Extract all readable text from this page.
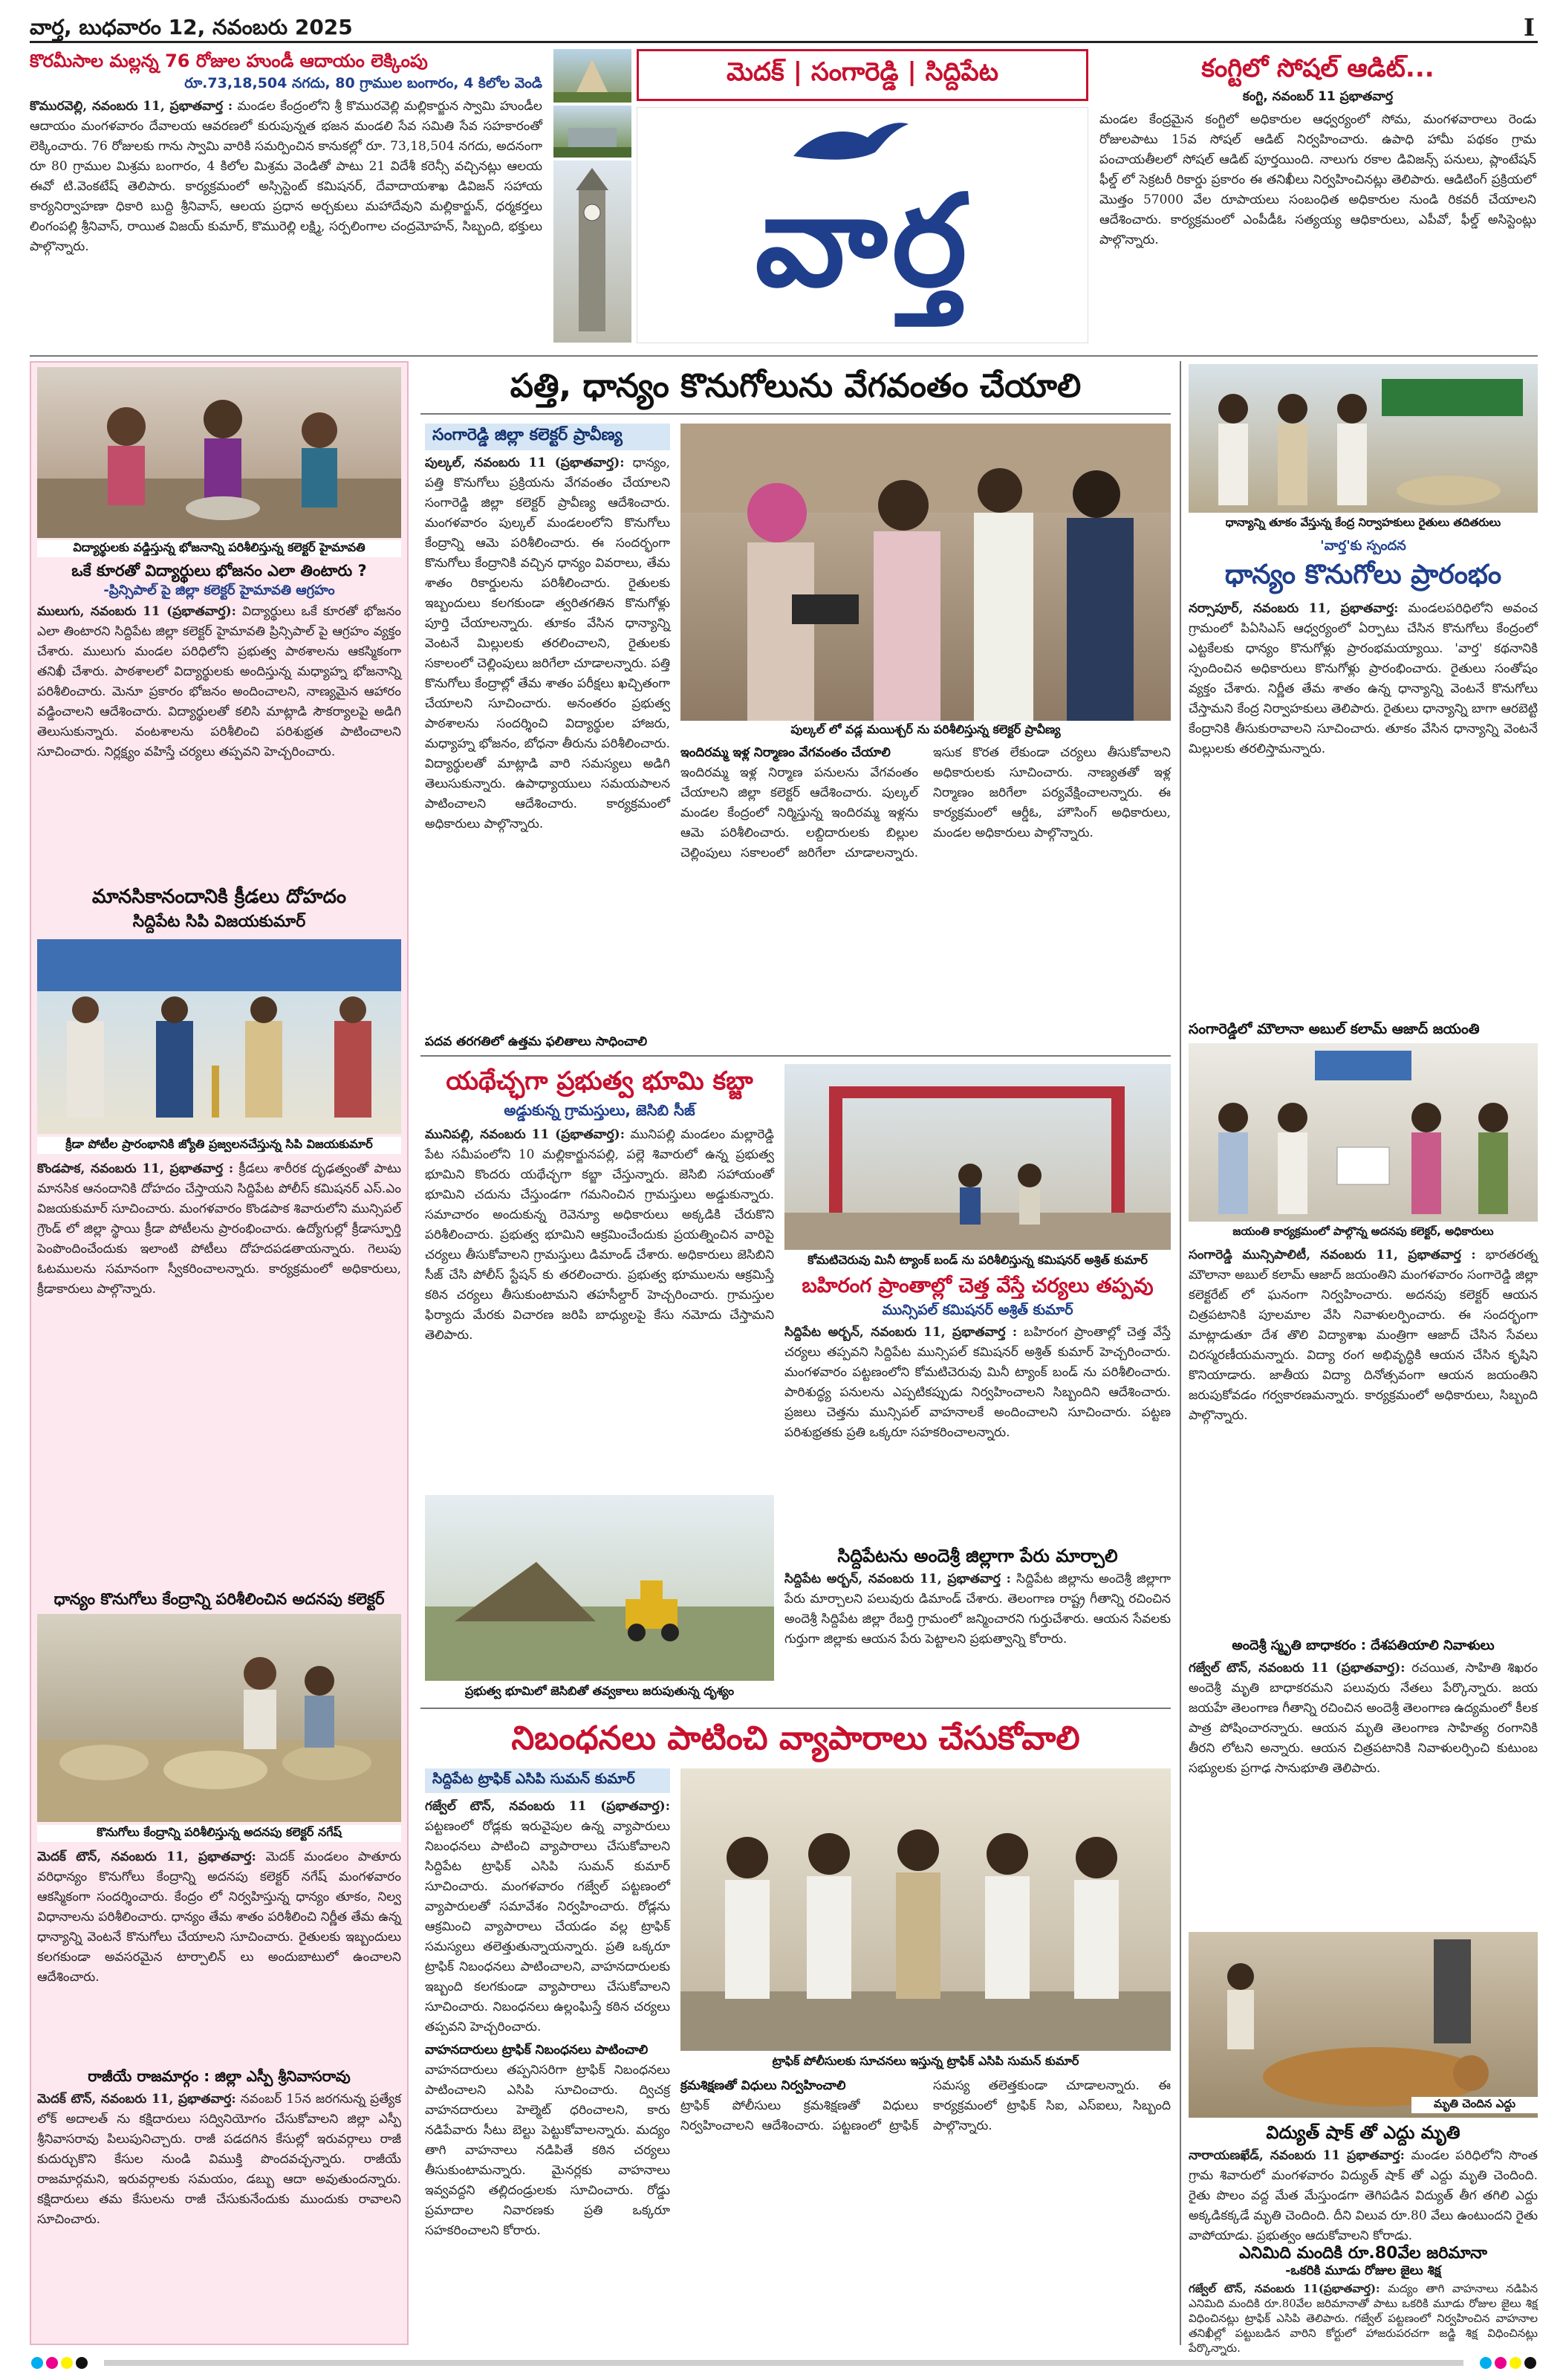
వార్త, బుధవారం 12, నవంబరు 2025	I
కొరమీసాల మల్లన్న 76 రోజుల హుండీ ఆదాయం లెక్కింపు
రూ.73,18,504 నగదు, 80 గ్రాముల బంగారం, 4 కిలోల వెండి
కొమురవెల్లి, నవంబరు 11, ప్రభాతవార్త : మండల కేంద్రంలోని శ్రీ కొమురవెల్లి మల్లికార్జున స్వామి హుండీల ఆదాయం మంగళవారం దేవాలయ ఆవరణలో కురుపున్నత భజన మండలి సేవ సమితి సేవ సహకారంతో లెక్కించారు. 76 రోజులకు గాను స్వామి వారికి సమర్పించిన కానుకల్లో రూ. 73,18,504 నగదు, అదనంగా రూ 80 గ్రాముల మిశ్రమ బంగారం, 4 కిలోల మిశ్రమ వెండితో పాటు 21 విదేశీ కరెన్సీ వచ్చినట్లు ఆలయ ఈవో టి.వెంకటేష్ తెలిపారు. కార్యక్రమంలో అస్సిస్టెంట్ కమిషనర్, దేవాదాయశాఖ డివిజన్ సహాయ కార్యనిర్వాహణా ధికారి బుద్ది శ్రీనివాస్, ఆలయ ప్రధాన అర్చకులు మహాదేవుని మల్లికార్జున్, ధర్మకర్తలు లింగంపల్లి శ్రీనివాస్, రాయిత విజయ్ కుమార్, కొమురెల్లి లక్ష్మి, సర్పలింగాల చంద్రమోహన్, సిబ్బంది, భక్తులు పాల్గొన్నారు.
మెదక్ | సంగారెడ్డి | సిద్దిపేట
వార్త
కంగ్టిలో సోషల్ ఆడిట్...
కంగ్టి, నవంబర్ 11 ప్రభాతవార్త
మండల కేంద్రమైన కంగ్టిలో అధికారుల ఆధ్వర్యంలో సోమ, మంగళవారాలు రెండు రోజులపాటు 15వ సోషల్ ఆడిట్ నిర్వహించారు. ఉపాధి హామీ పథకం గ్రామ పంచాయతీలలో సోషల్ ఆడిట్ పూర్తయింది. నాలుగు రకాల డివిజన్స్ పనులు, ప్లాంటేషన్ ఫీల్డ్ లో సెక్రటరీ రికార్డు ప్రకారం ఈ తనిఖీలు నిర్వహించినట్లు తెలిపారు. ఆడిటింగ్ ప్రక్రియలో మొత్తం 57000 వేల రూపాయలు సంబంధిత అధికారుల నుండి రికవరీ చేయాలని ఆదేశించారు. కార్యక్రమంలో ఎంపీడీఓ సత్యయ్య ఆధికారులు, ఎపీవో, ఫీల్డ్ అసిస్టెంట్లు పాల్గొన్నారు.
విద్యార్థులకు వడ్డిస్తున్న భోజనాన్ని పరిశీలిస్తున్న కలెక్టర్ హైమావతి
ఒకే కూరతో విద్యార్థులు భోజనం ఎలా తింటారు ?
-ప్రిన్సిపాల్ పై జిల్లా కలెక్టర్ హైమావతి ఆగ్రహం
ములుగు, నవంబరు 11 (ప్రభాతవార్త): విద్యార్థులు ఒకే కూరతో భోజనం ఎలా తింటారని సిద్దిపేట జిల్లా కలెక్టర్ హైమావతి ప్రిన్సిపాల్ పై ఆగ్రహం వ్యక్తం చేశారు. ములుగు మండల పరిధిలోని ప్రభుత్వ పాఠశాలను ఆకస్మికంగా తనిఖీ చేశారు. పాఠశాలలో విద్యార్థులకు అందిస్తున్న మధ్యాహ్న భోజనాన్ని పరిశీలించారు. మెనూ ప్రకారం భోజనం అందించాలని, నాణ్యమైన ఆహారం వడ్డించాలని ఆదేశించారు. విద్యార్థులతో కలిసి మాట్లాడి సౌకర్యాలపై అడిగి తెలుసుకున్నారు. వంటశాలను పరిశీలించి పరిశుభ్రత పాటించాలని సూచించారు. నిర్లక్ష్యం వహిస్తే చర్యలు తప్పవని హెచ్చరించారు.
మానసికానందానికి క్రీడలు దోహదం
సిద్దిపేట సిపి విజయకుమార్
క్రీడా పోటీల ప్రారంభానికి జ్యోతి ప్రజ్వలనచేస్తున్న సిపి విజయకుమార్
కొండపాక, నవంబరు 11, ప్రభాతవార్త : క్రీడలు శారీరక దృఢత్వంతో పాటు మానసిక ఆనందానికి దోహదం చేస్తాయని సిద్దిపేట పోలీస్ కమిషనర్ ఎస్.ఎం విజయకుమార్ సూచించారు. మంగళవారం కొండపాక శివారులోని మున్సిపల్ గ్రౌండ్ లో జిల్లా స్థాయి క్రీడా పోటీలను ప్రారంభించారు. ఉద్యోగుల్లో క్రీడాస్ఫూర్తి పెంపొందించేందుకు ఇలాంటి పోటీలు దోహదపడతాయన్నారు. గెలుపు ఓటములను సమానంగా స్వీకరించాలన్నారు. కార్యక్రమంలో అధికారులు, క్రీడాకారులు పాల్గొన్నారు.
ధాన్యం కొనుగోలు కేంద్రాన్ని పరిశీలించిన అదనపు కలెక్టర్
కొనుగోలు కేంద్రాన్ని పరిశీలిస్తున్న అదనపు కలెక్టర్ నగేష్
మెదక్ టౌన్, నవంబరు 11, ప్రభాతవార్త: మెదక్ మండలం పాతూరు వరిధాన్యం కొనుగోలు కేంద్రాన్ని అదనపు కలెక్టర్ నగేష్ మంగళవారం ఆకస్మికంగా సందర్శించారు. కేంద్రం లో నిర్వహిస్తున్న ధాన్యం తూకం, నిల్వ విధానాలను పరిశీలించారు. ధాన్యం తేమ శాతం పరిశీలించి నిర్ణీత తేమ ఉన్న ధాన్యాన్ని వెంటనే కొనుగోలు చేయాలని సూచించారు. రైతులకు ఇబ్బందులు కలగకుండా అవసరమైన టార్పాలిన్ లు అందుబాటులో ఉంచాలని ఆదేశించారు.
రాజీయే రాజమార్గం : జిల్లా ఎస్పీ శ్రీనివాసరావు
మెదక్ టౌన్, నవంబరు 11, ప్రభాతవార్త: నవంబర్ 15న జరగనున్న ప్రత్యేక లోక్ అదాలత్ ను కక్షిదారులు సద్వినియోగం చేసుకోవాలని జిల్లా ఎస్పీ శ్రీనివాసరావు పిలుపునిచ్చారు. రాజీ పడదగిన కేసుల్లో ఇరువర్గాలు రాజీ కుదుర్చుకొని కేసుల నుండి విముక్తి పొందవచ్చన్నారు. రాజీయే రాజమార్గమని, ఇరువర్గాలకు సమయం, డబ్బు ఆదా అవుతుందన్నారు. కక్షిదారులు తమ కేసులను రాజీ చేసుకునేందుకు ముందుకు రావాలని సూచించారు.
పత్తి, ధాన్యం కొనుగోలును వేగవంతం చేయాలి
సంగారెడ్డి జిల్లా కలెక్టర్ ప్రావీణ్య
పుల్కల్, నవంబరు 11 (ప్రభాతవార్త): ధాన్యం, పత్తి కొనుగోలు ప్రక్రియను వేగవంతం చేయాలని సంగారెడ్డి జిల్లా కలెక్టర్ ప్రావీణ్య ఆదేశించారు. మంగళవారం పుల్కల్ మండలంలోని కొనుగోలు కేంద్రాన్ని ఆమె పరిశీలించారు. ఈ సందర్భంగా కొనుగోలు కేంద్రానికి వచ్చిన ధాన్యం వివరాలు, తేమ శాతం రికార్డులను పరిశీలించారు. రైతులకు ఇబ్బందులు కలగకుండా త్వరితగతిన కొనుగోళ్లు పూర్తి చేయాలన్నారు. తూకం వేసిన ధాన్యాన్ని వెంటనే మిల్లులకు తరలించాలని, రైతులకు సకాలంలో చెల్లింపులు జరిగేలా చూడాలన్నారు. పత్తి కొనుగోలు కేంద్రాల్లో తేమ శాతం పరీక్షలు ఖచ్చితంగా చేయాలని సూచించారు. అనంతరం ప్రభుత్వ పాఠశాలను సందర్శించి విద్యార్థుల హాజరు, మధ్యాహ్న భోజనం, బోధనా తీరును పరిశీలించారు. విద్యార్థులతో మాట్లాడి వారి సమస్యలు అడిగి తెలుసుకున్నారు. ఉపాధ్యాయులు సమయపాలన పాటించాలని ఆదేశించారు. కార్యక్రమంలో అధికారులు పాల్గొన్నారు.
పుల్కల్ లో వడ్ల మయిశ్చర్ ను పరిశీలిస్తున్న కలెక్టర్ ప్రావీణ్య
పదవ తరగతిలో ఉత్తమ ఫలితాలు సాధించాలి
ఇందిరమ్మ ఇళ్ల నిర్మాణం వేగవంతం చేయాలి
ఇందిరమ్మ ఇళ్ల నిర్మాణ పనులను వేగవంతం చేయాలని జిల్లా కలెక్టర్ ఆదేశించారు. పుల్కల్ మండల కేంద్రంలో నిర్మిస్తున్న ఇందిరమ్మ ఇళ్లను ఆమె పరిశీలించారు. లబ్దిదారులకు బిల్లుల చెల్లింపులు సకాలంలో జరిగేలా చూడాలన్నారు. ఇసుక కొరత లేకుండా చర్యలు తీసుకోవాలని అధికారులకు సూచించారు. నాణ్యతతో ఇళ్ల నిర్మాణం జరిగేలా పర్యవేక్షించాలన్నారు. ఈ కార్యక్రమంలో ఆర్డీఓ, హౌసింగ్ అధికారులు, మండల అధికారులు పాల్గొన్నారు.
యథేచ్ఛగా ప్రభుత్వ భూమి కబ్జా
అడ్డుకున్న గ్రామస్తులు, జెసిబి సీజ్
మునిపల్లి, నవంబరు 11 (ప్రభాతవార్త): మునిపల్లి మండలం మల్లారెడ్డి పేట సమీపంలోని 10 మల్లికార్జునపల్లి, పల్లె శివారులో ఉన్న ప్రభుత్వ భూమిని కొందరు యథేచ్ఛగా కబ్జా చేస్తున్నారు. జెసిబి సహాయంతో భూమిని చదును చేస్తుండగా గమనించిన గ్రామస్తులు అడ్డుకున్నారు. సమాచారం అందుకున్న రెవెన్యూ అధికారులు అక్కడికి చేరుకొని పరిశీలించారు. ప్రభుత్వ భూమిని ఆక్రమించేందుకు ప్రయత్నించిన వారిపై చర్యలు తీసుకోవాలని గ్రామస్తులు డిమాండ్ చేశారు. అధికారులు జెసిబిని సీజ్ చేసి పోలీస్ స్టేషన్ కు తరలించారు. ప్రభుత్వ భూములను ఆక్రమిస్తే కఠిన చర్యలు తీసుకుంటామని తహసీల్దార్ హెచ్చరించారు. గ్రామస్తుల ఫిర్యాదు మేరకు విచారణ జరిపి బాధ్యులపై కేసు నమోదు చేస్తామని తెలిపారు.
ప్రభుత్వ భూమిలో జెసిబితో తవ్వకాలు జరుపుతున్న దృశ్యం
కోమటిచెరువు మినీ ట్యాంక్ బండ్ ను పరిశీలిస్తున్న కమిషనర్ అశ్రిత్ కుమార్
బహిరంగ ప్రాంతాల్లో చెత్త వేస్తే చర్యలు తప్పవు
మున్సిపల్ కమిషనర్ అశ్రిత్ కుమార్
సిద్దిపేట అర్బన్, నవంబరు 11, ప్రభాతవార్త : బహిరంగ ప్రాంతాల్లో చెత్త వేస్తే చర్యలు తప్పవని సిద్దిపేట మున్సిపల్ కమిషనర్ అశ్రిత్ కుమార్ హెచ్చరించారు. మంగళవారం పట్టణంలోని కోమటిచెరువు మినీ ట్యాంక్ బండ్ ను పరిశీలించారు. పారిశుద్ధ్య పనులను ఎప్పటికప్పుడు నిర్వహించాలని సిబ్బందిని ఆదేశించారు. ప్రజలు చెత్తను మున్సిపల్ వాహనాలకే అందించాలని సూచించారు. పట్టణ పరిశుభ్రతకు ప్రతి ఒక్కరూ సహకరించాలన్నారు.
సిద్దిపేటను అందెశ్రీ జిల్లాగా పేరు మార్చాలి
సిద్దిపేట అర్బన్, నవంబరు 11, ప్రభాతవార్త : సిద్దిపేట జిల్లాను అందెశ్రీ జిల్లాగా పేరు మార్చాలని పలువురు డిమాండ్ చేశారు. తెలంగాణ రాష్ట్ర గీతాన్ని రచించిన అందెశ్రీ సిద్దిపేట జిల్లా రేబర్తి గ్రామంలో జన్మించారని గుర్తుచేశారు. ఆయన సేవలకు గుర్తుగా జిల్లాకు ఆయన పేరు పెట్టాలని ప్రభుత్వాన్ని కోరారు.
నిబంధనలు పాటించి వ్యాపారాలు చేసుకోవాలి
సిద్దిపేట ట్రాఫిక్ ఎసిపి సుమన్ కుమార్
గజ్వేల్ టౌన్, నవంబరు 11 (ప్రభాతవార్త): పట్టణంలో రోడ్లకు ఇరువైపుల ఉన్న వ్యాపారులు నిబంధనలు పాటించి వ్యాపారాలు చేసుకోవాలని సిద్దిపేట ట్రాఫిక్ ఎసిపి సుమన్ కుమార్ సూచించారు. మంగళవారం గజ్వేల్ పట్టణంలో వ్యాపారులతో సమావేశం నిర్వహించారు. రోడ్లను ఆక్రమించి వ్యాపారాలు చేయడం వల్ల ట్రాఫిక్ సమస్యలు తలెత్తుతున్నాయన్నారు. ప్రతి ఒక్కరూ ట్రాఫిక్ నిబంధనలు పాటించాలని, వాహనదారులకు ఇబ్బంది కలగకుండా వ్యాపారాలు చేసుకోవాలని సూచించారు. నిబంధనలు ఉల్లంఘిస్తే కఠిన చర్యలు తప్పవని హెచ్చరించారు.
వాహనదారులు ట్రాఫిక్ నిబంధనలు పాటించాలి
వాహనదారులు తప్పనిసరిగా ట్రాఫిక్ నిబంధనలు పాటించాలని ఎసిపి సూచించారు. ద్విచక్ర వాహనదారులు హెల్మెట్ ధరించాలని, కారు నడిపేవారు సీటు బెల్టు పెట్టుకోవాలన్నారు. మద్యం తాగి వాహనాలు నడిపితే కఠిన చర్యలు తీసుకుంటామన్నారు. మైనర్లకు వాహనాలు ఇవ్వవద్దని తల్లిదండ్రులకు సూచించారు. రోడ్డు ప్రమాదాల నివారణకు ప్రతి ఒక్కరూ సహకరించాలని కోరారు.
ట్రాఫిక్ పోలీసులకు సూచనలు ఇస్తున్న ట్రాఫిక్ ఎసిపి సుమన్ కుమార్
క్రమశిక్షణతో విధులు నిర్వహించాలి
ట్రాఫిక్ పోలీసులు క్రమశిక్షణతో విధులు నిర్వహించాలని ఆదేశించారు. పట్టణంలో ట్రాఫిక్ సమస్య తలెత్తకుండా చూడాలన్నారు. ఈ కార్యక్రమంలో ట్రాఫిక్ సిఐ, ఎస్ఐలు, సిబ్బంది పాల్గొన్నారు.
ధాన్యాన్ని తూకం వేస్తున్న కేంద్ర నిర్వాహకులు రైతులు తదితరులు
'వార్త'కు స్పందన
ధాన్యం కొనుగోలు ప్రారంభం
నర్సాపూర్, నవంబరు 11, ప్రభాతవార్త: మండలపరిధిలోని అవంచ గ్రామంలో పిఏసిఎస్ ఆధ్వర్యంలో ఏర్పాటు చేసిన కొనుగోలు కేంద్రంలో ఎట్టకేలకు ధాన్యం కొనుగోళ్లు ప్రారంభమయ్యాయి. 'వార్త' కథనానికి స్పందించిన అధికారులు కొనుగోళ్లు ప్రారంభించారు. రైతులు సంతోషం వ్యక్తం చేశారు. నిర్ణీత తేమ శాతం ఉన్న ధాన్యాన్ని వెంటనే కొనుగోలు చేస్తామని కేంద్ర నిర్వాహకులు తెలిపారు. రైతులు ధాన్యాన్ని బాగా ఆరబెట్టి కేంద్రానికి తీసుకురావాలని సూచించారు. తూకం వేసిన ధాన్యాన్ని వెంటనే మిల్లులకు తరలిస్తామన్నారు.
సంగారెడ్డిలో మౌలానా అబుల్ కలామ్ ఆజాద్ జయంతి
జయంతి కార్యక్రమంలో పాల్గొన్న అదనపు కలెక్టర్, అధికారులు
సంగారెడ్డి మున్సిపాలిటీ, నవంబరు 11, ప్రభాతవార్త : భారతరత్న మౌలానా అబుల్ కలామ్ ఆజాద్ జయంతిని మంగళవారం సంగారెడ్డి జిల్లా కలెక్టరేట్ లో ఘనంగా నిర్వహించారు. అదనపు కలెక్టర్ ఆయన చిత్రపటానికి పూలమాల వేసి నివాళులర్పించారు. ఈ సందర్భంగా మాట్లాడుతూ దేశ తొలి విద్యాశాఖ మంత్రిగా ఆజాద్ చేసిన సేవలు చిరస్మరణీయమన్నారు. విద్యా రంగ అభివృద్ధికి ఆయన చేసిన కృషిని కొనియాడారు. జాతీయ విద్యా దినోత్సవంగా ఆయన జయంతిని జరుపుకోవడం గర్వకారణమన్నారు. కార్యక్రమంలో అధికారులు, సిబ్బంది పాల్గొన్నారు.
అందెశ్రీ స్మృతి బాధాకరం : దేశపతియాలి నివాళులు
గజ్వేల్ టౌన్, నవంబరు 11 (ప్రభాతవార్త): రచయిత, సాహితి శిఖరం అందెశ్రీ మృతి బాధాకరమని పలువురు నేతలు పేర్కొన్నారు. జయ జయహే తెలంగాణ గీతాన్ని రచించిన అందెశ్రీ తెలంగాణ ఉద్యమంలో కీలక పాత్ర పోషించారన్నారు. ఆయన మృతి తెలంగాణ సాహిత్య రంగానికి తీరని లోటని అన్నారు. ఆయన చిత్రపటానికి నివాళులర్పించి కుటుంబ సభ్యులకు ప్రగాఢ సానుభూతి తెలిపారు.
మృతి చెందిన ఎద్దు
విద్యుత్ షాక్ తో ఎద్దు మృతి
నారాయణఖేడ్, నవంబరు 11 ప్రభాతవార్త: మండల పరిధిలోని సొంత గ్రామ శివారులో మంగళవారం విద్యుత్ షాక్ తో ఎద్దు మృతి చెందింది. రైతు పొలం వద్ద మేత మేస్తుండగా తెగిపడిన విద్యుత్ తీగ తగిలి ఎద్దు అక్కడికక్కడే మృతి చెందింది. దీని విలువ రూ.80 వేలు ఉంటుందని రైతు వాపోయాడు. ప్రభుత్వం ఆదుకోవాలని కోరాడు.
ఎనిమిది మందికి రూ.80వేల జరిమానా
-ఒకరికి మూడు రోజుల జైలు శిక్ష
గజ్వేల్ టౌన్, నవంబరు 11(ప్రభాతవార్త): మద్యం తాగి వాహనాలు నడిపిన ఎనిమిది మందికి రూ.80వేల జరిమానాతో పాటు ఒకరికి మూడు రోజుల జైలు శిక్ష విధించినట్లు ట్రాఫిక్ ఎసిపి తెలిపారు. గజ్వేల్ పట్టణంలో నిర్వహించిన వాహనాల తనిఖీల్లో పట్టుబడిన వారిని కోర్టులో హాజరుపరచగా జడ్జి శిక్ష విధించినట్లు పేర్కొన్నారు.
